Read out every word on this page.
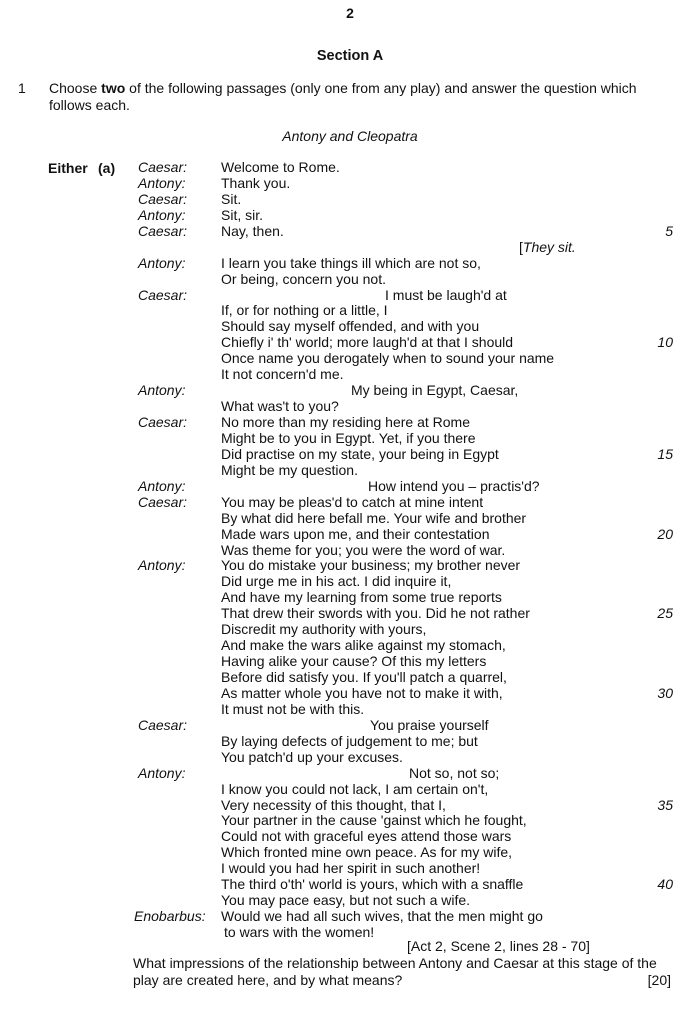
2
Section A
1 Choose two of the following passages (only one from any play) and answer the question which follows each.
Antony and Cleopatra
Either (a) Caesar: Welcome to Rome.
Antony:	Thank you.
Caesar: Sit.
Antony:	Sit, sir.
Caesar: Nay, then.	5
[They sit.
Antony:	I learn you take things ill which are not so,
Or being, concern you not.
Caesar:	I must be laugh'd at
If, or for nothing or a little, I
Should say myself offended, and with you
Chiefly i' th' world; more laugh'd at that I should	10
Once name you derogately when to sound your name
It not concern'd me.
Antony:	My being in Egypt, Caesar,
What was't to you?
Caesar: No more than my residing here at Rome
Might be to you in Egypt. Yet, if you there
Did practise on my state, your being in Egypt	15
Might be my question.
Antony:	How intend you – practis'd?
Caesar: You may be pleas'd to catch at mine intent
By what did here befall me. Your wife and brother
Made wars upon me, and their contestation	20
Was theme for you; you were the word of war.
Antony:	You do mistake your business; my brother never
Did urge me in his act. I did inquire it,
And have my learning from some true reports
That drew their swords with you. Did he not rather	25
Discredit my authority with yours,
And make the wars alike against my stomach,
Having alike your cause? Of this my letters
Before did satisfy you. If you'll patch a quarrel,
As matter whole you have not to make it with,	30
It must not be with this.
Caesar:	You praise yourself
By laying defects of judgement to me; but
You patch'd up your excuses.
Antony:	Not so, not so;
I know you could not lack, I am certain on't,
Very necessity of this thought, that I,	35
Your partner in the cause 'gainst which he fought,
Could not with graceful eyes attend those wars
Which fronted mine own peace. As for my wife,
I would you had her spirit in such another!
The third o'th' world is yours, which with a snaffle	40
You may pace easy, but not such a wife.
Enobarbus: Would we had all such wives, that the men might go
to wars with the women!
[Act 2, Scene 2, lines 28 - 70]
What impressions of the relationship between Antony and Caesar at this stage of the play are created here, and by what means?	[20]
